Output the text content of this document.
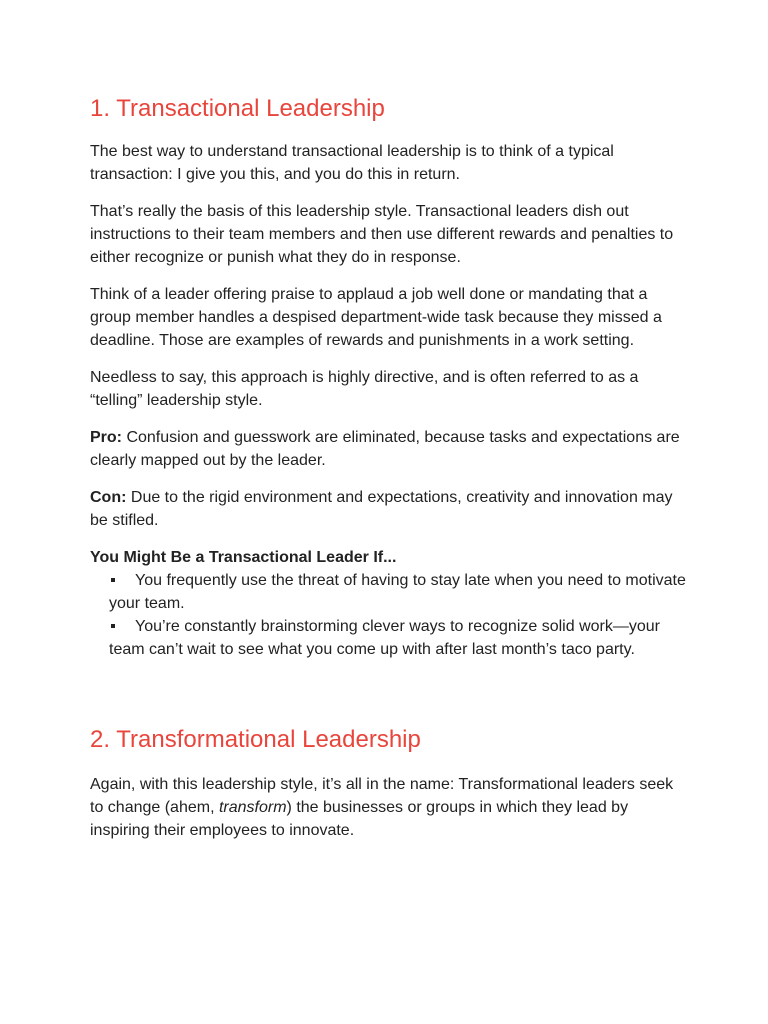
1. Transactional Leadership

The best way to understand transactional leadership is to think of a typical transaction: I give you this, and you do this in return.

That’s really the basis of this leadership style. Transactional leaders dish out instructions to their team members and then use different rewards and penalties to either recognize or punish what they do in response.

Think of a leader offering praise to applaud a job well done or mandating that a group member handles a despised department-wide task because they missed a deadline. Those are examples of rewards and punishments in a work setting.

Needless to say, this approach is highly directive, and is often referred to as a “telling” leadership style.

Pro: Confusion and guesswork are eliminated, because tasks and expectations are clearly mapped out by the leader.

Con: Due to the rigid environment and expectations, creativity and innovation may be stifled.

You Might Be a Transactional Leader If...
You frequently use the threat of having to stay late when you need to motivate your team.
You’re constantly brainstorming clever ways to recognize solid work—your team can’t wait to see what you come up with after last month’s taco party.
2. Transformational Leadership

Again, with this leadership style, it’s all in the name: Transformational leaders seek to change (ahem, transform) the businesses or groups in which they lead by inspiring their employees to innovate.
